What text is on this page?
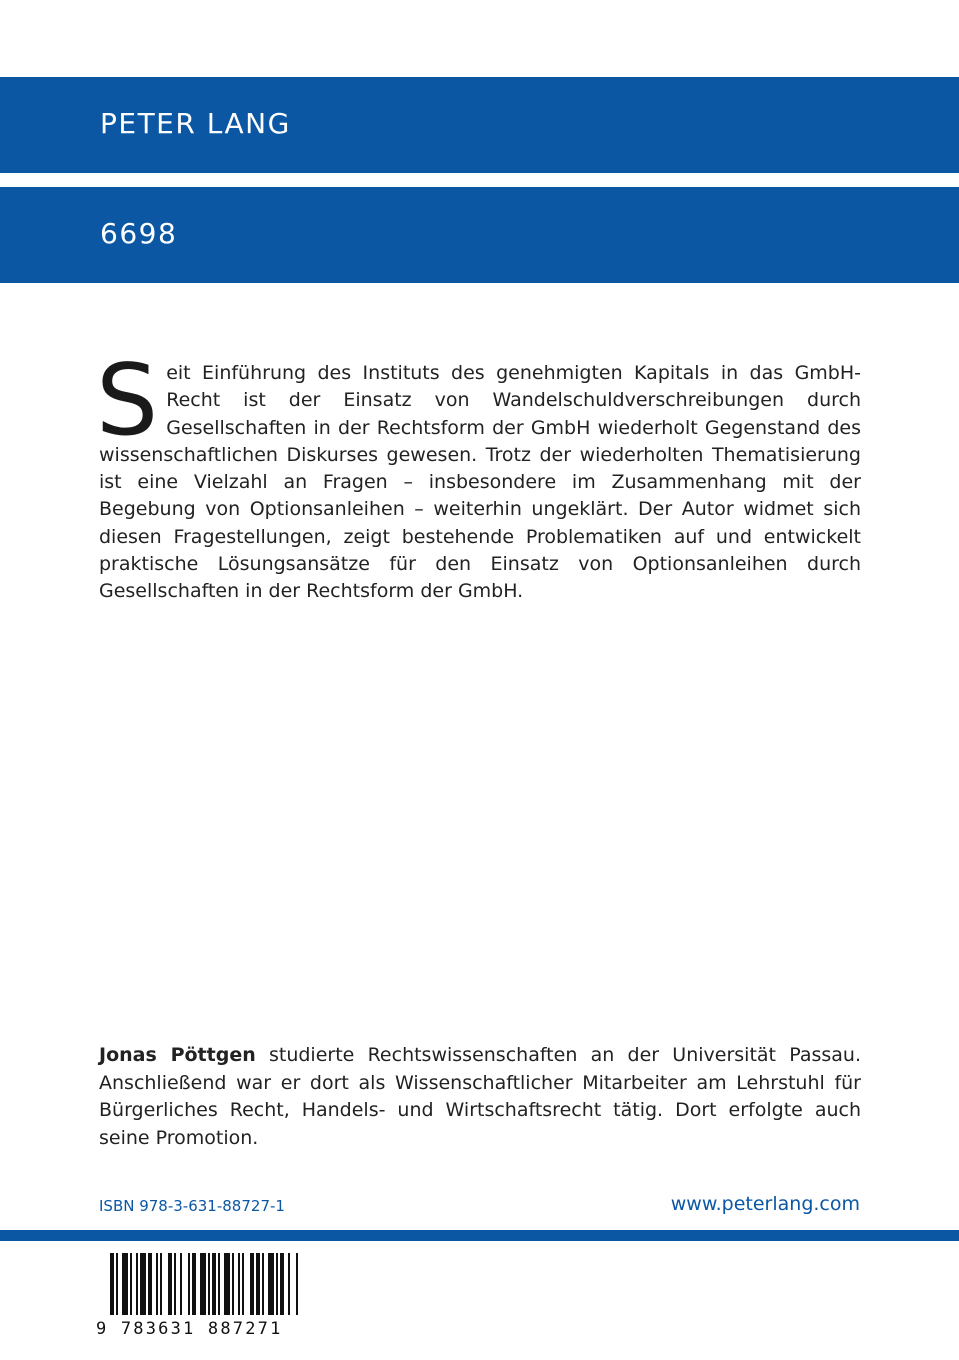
PETER LANG
6698
Seit Einführung des Instituts des genehmigten Kapitals in das GmbH-Recht ist der Einsatz von Wandelschuldverschreibungen durch Gesellschaften in der Rechtsform der GmbH wiederholt Gegenstand des wissenschaftlichen Diskurses gewesen. Trotz der wiederholten Thematisierung ist eine Vielzahl an Fragen – insbesondere im Zusammenhang mit der Begebung von Optionsanleihen – weiterhin ungeklärt. Der Autor widmet sich diesen Fragestellungen, zeigt bestehende Problematiken auf und entwickelt praktische Lösungsansätze für den Einsatz von Optionsanleihen durch Gesellschaften in der Rechtsform der GmbH.
Jonas Pöttgen studierte Rechtswissenschaften an der Universität Passau. Anschließend war er dort als Wissenschaftlicher Mitarbeiter am Lehrstuhl für Bürgerliches Recht, Handels- und Wirtschaftsrecht tätig. Dort erfolgte auch seine Promotion.
ISBN 978-3-631-88727-1	www.peterlang.com
9 783631 887271
